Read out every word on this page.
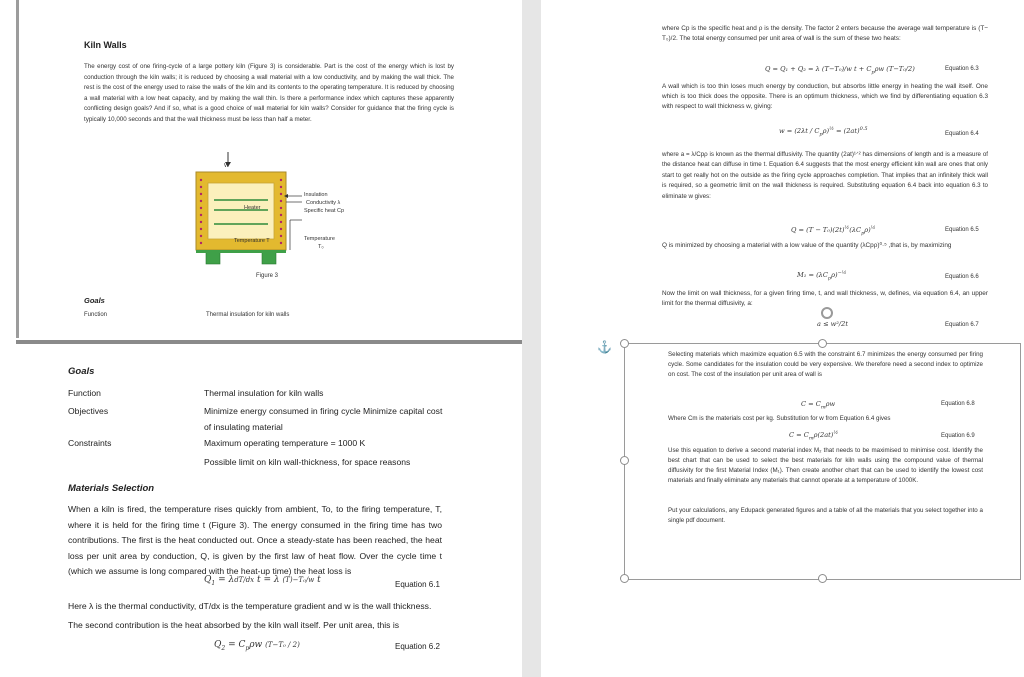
Kiln Walls
The energy cost of one firing-cycle of a large pottery kiln (Figure 3) is considerable. Part is the cost of the energy which is lost by conduction through the kiln walls; it is reduced by choosing a wall material with a low conductivity, and by making the wall thick. The rest is the cost of the energy used to raise the walls of the kiln and its contents to the operating temperature. It is reduced by choosing a wall material with a low heat capacity, and by making the wall thin. Is there a performance index which captures these apparently conflicting design goals? And if so, what is a good choice of wall material for kiln walls? Consider for guidance that the firing cycle is typically 10,000 seconds and that the wall thickness must be less than half a meter.
W
Heater
Temperature T
Insulation
Conductivity λ
Specific heat Cp
Temperature
T₀
Figure 3
Goals
Function	Thermal insulation for kiln walls
Goals
Function	Thermal insulation for kiln walls
Objectives	Minimize energy consumed in firing cycle Minimize capital cost of insulating material
Constraints	Maximum operating temperature = 1000 K
Possible limit on kiln wall-thickness, for space reasons
Materials Selection
When a kiln is fired, the temperature rises quickly from ambient, To, to the firing temperature, T, where it is held for the firing time t (Figure 3). The energy consumed in the firing time has two contributions. The first is the heat conducted out. Once a steady-state has been reached, the heat loss per unit area by conduction, Q, is given by the first law of heat flow. Over the cycle time t (which we assume is long compared with the heat-up time) the heat loss is
$Q_1 = \lambda dT/dx$ t = λ (T)−T₀/w t	Equation 6.1
Here λ is the thermal conductivity, dT/dx is the temperature gradient and w is the wall thickness.
The second contribution is the heat absorbed by the kiln wall itself. Per unit area, this is
$Q_2 = C_p\rho w$ (T−T₀ / 2)	Equation 6.2
where Cp is the specific heat and ρ is the density. The factor 2 enters because the average wall temperature is (T− T₀)/2. The total energy consumed per unit area of wall is the sum of these two heats:
Q = Q₁ + Q₂ = λ (T−T₀)/w $t + C_p\rho w$ (T−T₀/2)	Equation 6.3
A wall which is too thin loses much energy by conduction, but absorbs little energy in heating the wall itself. One which is too thick does the opposite. There is an optimum thickness, which we find by differentiating equation 6.3 with respect to wall thickness w, giving:
$w = (2\lambda t / C_p\rho)^{\frac{1}{2}} = (2at)^{0.5}$
Equation 6.4
where a = λ/Cpρ is known as the thermal diffusivity. The quantity (2at)¹ᐟ² has dimensions of length and is a measure of the distance heat can diffuse in time t. Equation 6.4 suggests that the most energy efficient kiln wall are ones that only start to get really hot on the outside as the firing cycle approaches completion. That implies that an infinitely thick wall is required, so a geometric limit on the wall thickness is required. Substituting equation 6.4 back into equation 6.3 to eliminate w gives:
$Q = (T - T_0)(2t)^{\frac{1}{2}}(\lambda C_p\rho)^{\frac{1}{2}}$	Equation 6.5
Q is minimized by choosing a material with a low value of the quantity (λCpρ)⁰·⁵ ,that is, by maximizing
$M_1 = (\lambda C_p\rho)^{-\frac{1}{2}}$
Equation 6.6
Now the limit on wall thickness, for a given firing time, t, and wall thickness, w, defines, via equation 6.4, an upper limit for the thermal diffusivity, a:
a ≤ w²/2t	Equation 6.7
Selecting materials which maximize equation 6.5 with the constraint 6.7 minimizes the energy consumed per firing cycle. Some candidates for the insulation could be very expensive. We therefore need a second index to optimize on cost. The cost of the insulation per unit area of wall is
$C = C_m\rho w$	Equation 6.8
Where Cm is the materials cost per kg. Substitution for w from Equation 6.4 gives
$C = C_m\rho(2at)^{\frac{1}{2}}$	Equation 6.9
Use this equation to derive a second material index M₂ that needs to be maximised to minimise cost. Identify the best chart that can be used to select the best materials for kiln walls using the compound value of thermal diffusivity for the first Material Index (M₁). Then create another chart that can be used to identify the lowest cost materials and finally eliminate any materials that cannot operate at a temperature of 1000K.
Put your calculations, any Edupack generated figures and a table of all the materials that you select together into a single pdf document.
⚓
